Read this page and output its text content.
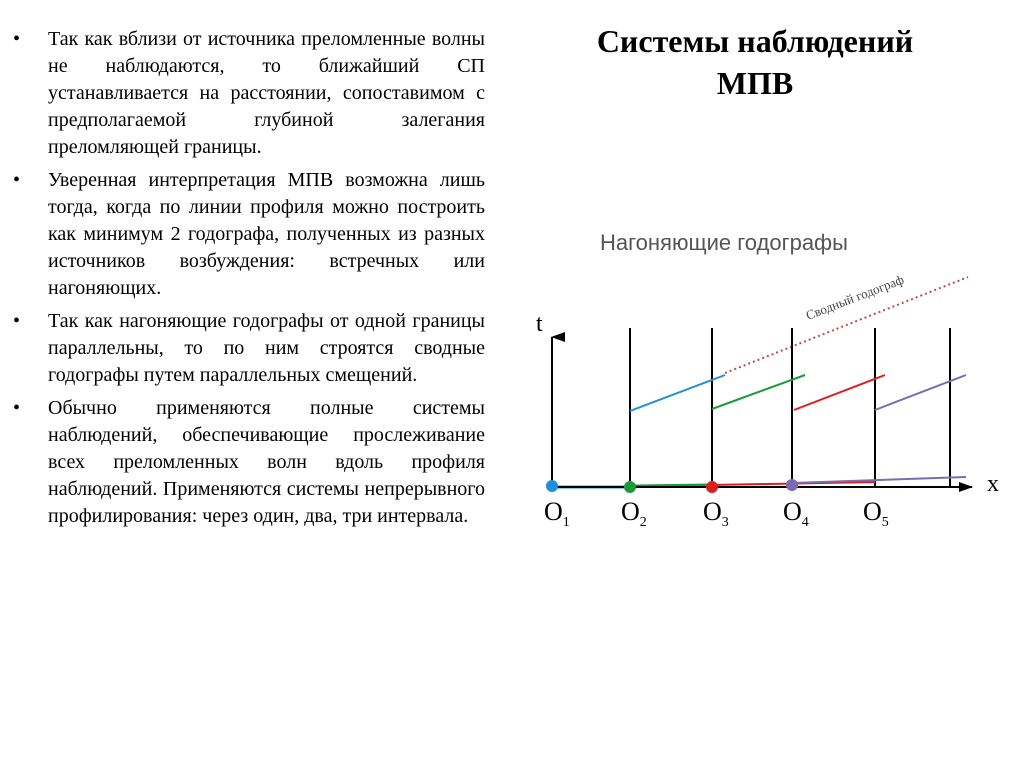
•	Так как вблизи от источника преломленные волны не наблюдаются, то ближайший СП устанавливается на расстоянии, сопоставимом с предполагаемой глубиной залегания преломляющей границы.
•	Уверенная интерпретация МПВ возможна лишь тогда, когда по линии профиля можно построить как минимум 2 годографа, полученных из разных источников возбуждения: встречных или нагоняющих.
•	Так как нагоняющие годографы от одной границы параллельны, то по ним строятся сводные годографы путем параллельных смещений.
•	Обычно применяются полные системы наблюдений, обеспечивающие прослеживание всех преломленных волн вдоль профиля наблюдений. Применяются системы непрерывного профилирования: через один, два, три интервала.
Системы наблюдений МПВ
Нагоняющие годографы
Сводный годограф
t
x
$O_1$ $O_2$ $O_3$ $O_4$ $O_5$
